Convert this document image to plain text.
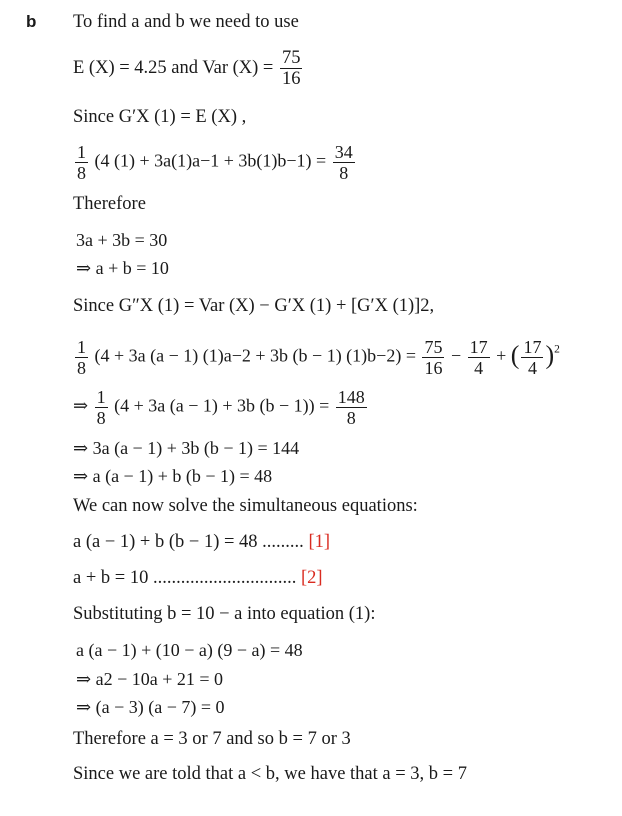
b To find a and b we need to use
E (X) = 4.25 and Var $(X) = \frac{75}{16}$
Since G′X (1) = E (X) ,
$\frac{1}{8} (4$ $(1) + 3a(1)a-1 + 3b(1)b-1) = \frac{34}{8}$
Therefore
3a + 3b = 30
⇒ a + b = 10
Since G″X (1) = Var (X) − G′X (1) + [G′X (1)]2,
$\frac{1}{8} (4 + 3a$ (a − 1) (1)a−2 + 3b (b − 1) $(1)b-2) = \frac{75}{16} - \frac{17}{4}$ + ( $\frac{17}{4} )^2$
⇒ $\frac{1}{8} (4 + 3a$ (a − 1) + 3b $(b - 1)) = \frac{148}{8}$
⇒ 3a (a − 1) + 3b (b − 1) = 144
⇒ a (a − 1) + b (b − 1) = 48
We can now solve the simultaneous equations:
a (a − 1) + b (b − 1) = 48 ......... [1]
a + b = 10 ............................... [2]
Substituting b = 10 − a into equation (1):
a (a − 1) + (10 − a) (9 − a) = 48
⇒ a2 − 10a + 21 = 0
⇒ (a − 3) (a − 7) = 0
Therefore a = 3 or 7 and so b = 7 or 3
Since we are told that a < b, we have that a = 3, b = 7
